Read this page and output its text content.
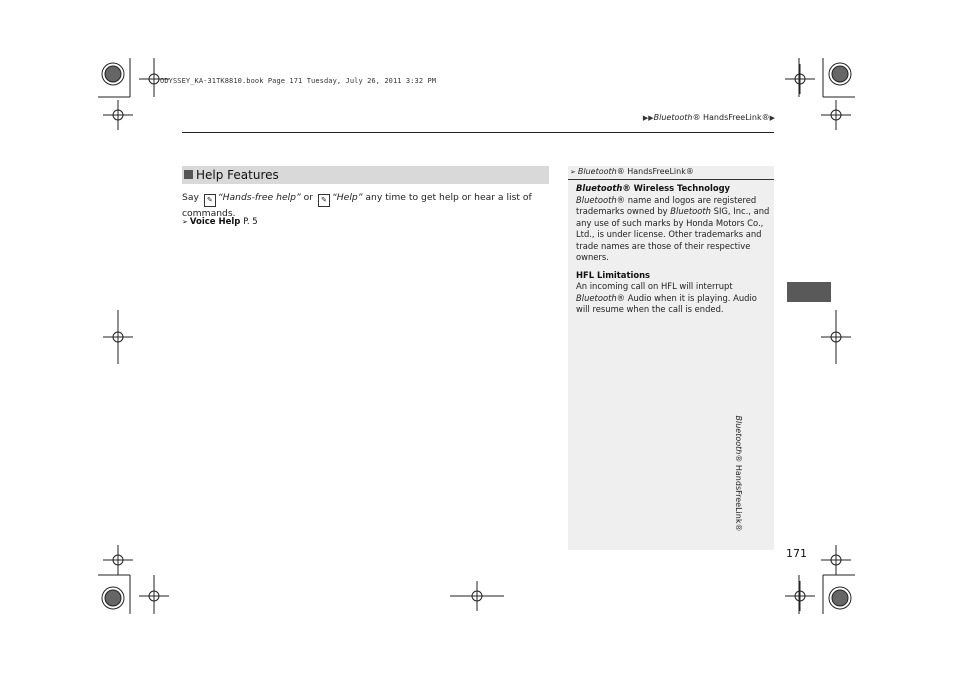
ODYSSEY_KA-31TK8810.book Page 171 Tuesday, July 26, 2011 3:32 PM
▶▶Bluetooth® HandsFreeLink®▶
Help Features
Say ✎ “Hands-free help” or ✎ “Help” any time to get help or hear a list of commands.
➢ Voice Help P. 5
➢ Bluetooth® HandsFreeLink®
Bluetooth® Wireless Technology

Bluetooth® name and logos are registered trademarks owned by Bluetooth SIG, Inc., and any use of such marks by Honda Motors Co., Ltd., is under license. Other trademarks and trade names are those of their respective owners.

HFL Limitations

An incoming call on HFL will interrupt Bluetooth® Audio when it is playing. Audio will resume when the call is ended.

Bluetooth® HandsFreeLink®
171
